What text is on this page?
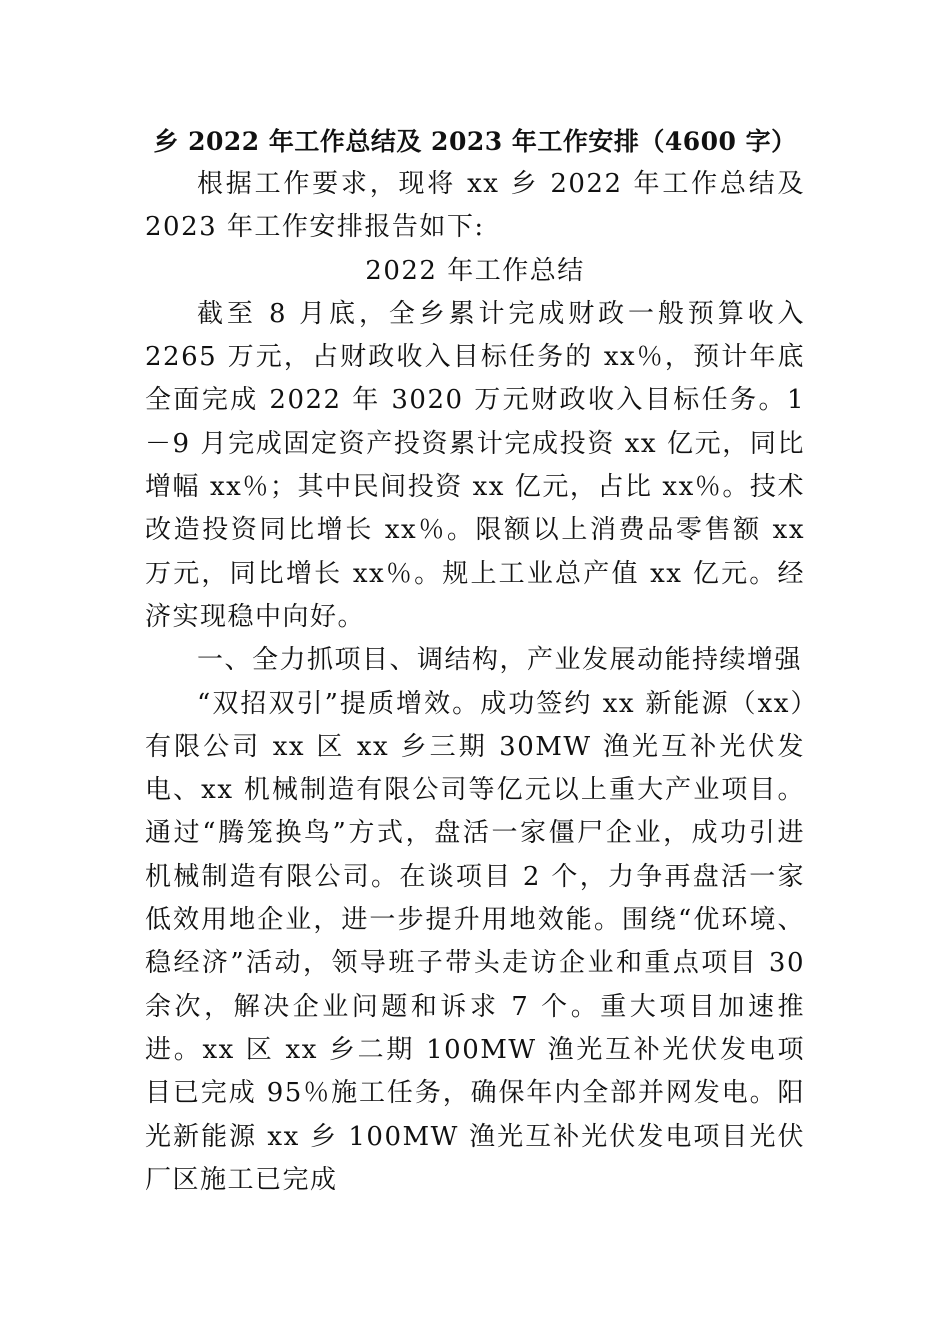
乡 2022 年工作总结及 2023 年工作安排（4600 字）

根据工作要求，现将 xx 乡 2022 年工作总结及 2023 年工作安排报告如下:

2022 年工作总结

截至 8 月底，全乡累计完成财政一般预算收入 2265 万元，占财政收入目标任务的 xx％，预计年底全面完成 2022 年 3020 万元财政收入目标任务。1－9 月完成固定资产投资累计完成投资 xx 亿元，同比增幅 xx％；其中民间投资 xx 亿元，占比 xx％。技术改造投资同比增长 xx％。限额以上消费品零售额 xx 万元，同比增长 xx％。规上工业总产值 xx 亿元。经济实现稳中向好。

一、全力抓项目、调结构，产业发展动能持续增强

“双招双引”提质增效。成功签约 xx 新能源（xx）有限公司 xx 区 xx 乡三期 30MW 渔光互补光伏发电、xx 机械制造有限公司等亿元以上重大产业项目。通过“腾笼换鸟”方式，盘活一家僵尸企业，成功引进机械制造有限公司。在谈项目 2 个，力争再盘活一家低效用地企业，进一步提升用地效能。围绕“优环境、稳经济”活动，领导班子带头走访企业和重点项目 30 余次，解决企业问题和诉求 7 个。重大项目加速推进。xx 区 xx 乡二期 100MW 渔光互补光伏发电项目已完成 95％施工任务，确保年内全部并网发电。阳光新能源 xx 乡 100MW 渔光互补光伏发电项目光伏厂区施工已完成
